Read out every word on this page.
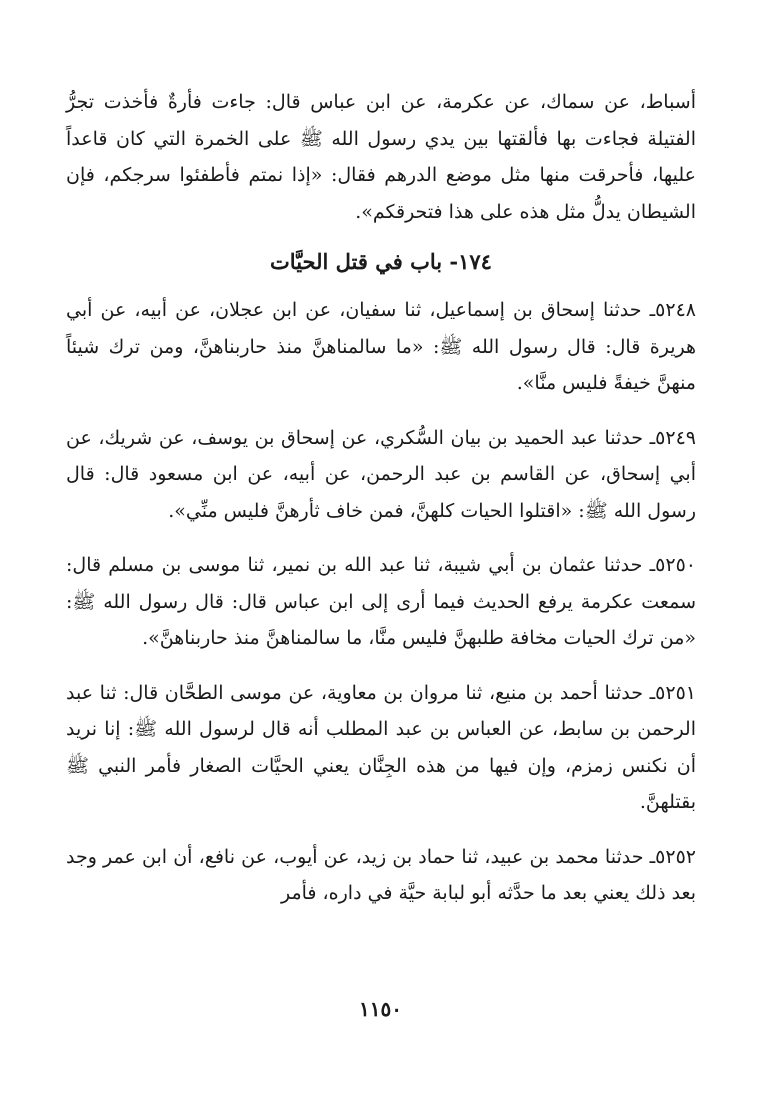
أسباط، عن سماك، عن عكرمة، عن ابن عباس قال: جاءت فأرةٌ فأخذت تجرُّ الفتيلة فجاءت بها فألقتها بين يدي رسول الله ﷺ على الخمرة التي كان قاعداً عليها، فأحرقت منها مثل موضع الدرهم فقال: «إذا نمتم فأطفئوا سرجكم، فإن الشيطان يدلُّ مثل هذه على هذا فتحرقكم».

١٧٤- باب في قتل الحيَّات

٥٢٤٨ـ حدثنا إسحاق بن إسماعيل، ثنا سفيان، عن ابن عجلان، عن أبيه، عن أبي هريرة قال: قال رسول الله ﷺ: «ما سالمناهنَّ منذ حاربناهنَّ، ومن ترك شيئاً منهنَّ خيفةً فليس منَّا».

٥٢٤٩ـ حدثنا عبد الحميد بن بيان السُّكري، عن إسحاق بن يوسف، عن شريك، عن أبي إسحاق، عن القاسم بن عبد الرحمن، عن أبيه، عن ابن مسعود قال: قال رسول الله ﷺ: «اقتلوا الحيات كلهنَّ، فمن خاف ثأرهنَّ فليس منِّي».

٥٢٥٠ـ حدثنا عثمان بن أبي شيبة، ثنا عبد الله بن نمير، ثنا موسى بن مسلم قال: سمعت عكرمة يرفع الحديث فيما أرى إلى ابن عباس قال: قال رسول الله ﷺ: «من ترك الحيات مخافة طلبهنَّ فليس منَّا، ما سالمناهنَّ منذ حاربناهنَّ».

٥٢٥١ـ حدثنا أحمد بن منيع، ثنا مروان بن معاوية، عن موسى الطحَّان قال: ثنا عبد الرحمن بن سابط، عن العباس بن عبد المطلب أنه قال لرسول الله ﷺ: إنا نريد أن نكنس زمزم، وإن فيها من هذه الجِنَّان يعني الحيَّات الصغار فأمر النبي ﷺ بقتلهنَّ.

٥٢٥٢ـ حدثنا محمد بن عبيد، ثنا حماد بن زيد، عن أيوب، عن نافع، أن ابن عمر وجد بعد ذلك يعني بعد ما حدَّثه أبو لبابة حيَّة في داره، فأمر

١١٥٠
